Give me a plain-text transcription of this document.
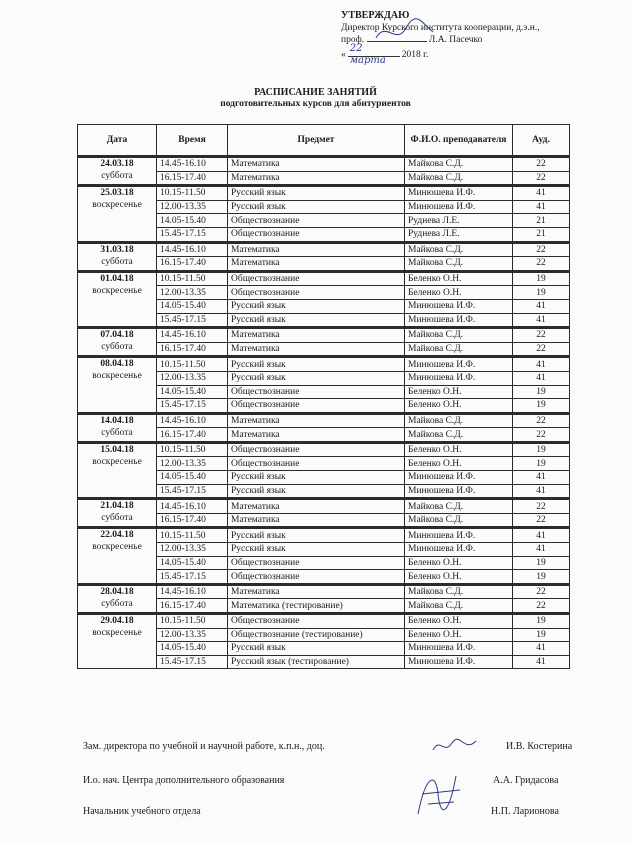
УТВЕРЖДАЮ
Директор Курского института кооперации, д.э.н.,
проф.	Л.А. Пасечко
«
22 марта	2018 г.
РАСПИСАНИЕ ЗАНЯТИЙ
подготовительных курсов для абитуриентов
Дата	Время	Предмет	Ф.И.О. преподавателя	Ауд.

24.03.18
суббота	14.45-16.10	Математика	Майкова С.Д.	22
	16.15-17.40	Математика	Майкова С.Д.	22

25.03.18
воскресенье	10.15-11.50	Русский язык	Минюшева И.Ф.	41
	12.00-13.35	Русский язык	Минюшева И.Ф.	41
	14.05-15.40	Обществознание	Руднева Л.Е.	21
	15.45-17.15	Обществознание	Руднева Л.Е.	21

31.03.18
суббота	14.45-16.10	Математика	Майкова С.Д.	22
	16.15-17.40	Математика	Майкова С.Д.	22

01.04.18
воскресенье	10.15-11.50	Обществознание	Беленко О.Н.	19
	12.00-13.35	Обществознание	Беленко О.Н.	19
	14.05-15.40	Русский язык	Минюшева И.Ф.	41
	15.45-17.15	Русский язык	Минюшева И.Ф.	41

07.04.18
суббота	14.45-16.10	Математика	Майкова С.Д.	22
	16.15-17.40	Математика	Майкова С.Д.	22

08.04.18
воскресенье	10.15-11.50	Русский язык	Минюшева И.Ф.	41
	12.00-13.35	Русский язык	Минюшева И.Ф.	41
	14.05-15.40	Обществознание	Беленко О.Н.	19
	15.45-17.15	Обществознание	Беленко О.Н.	19

14.04.18
суббота	14.45-16.10	Математика	Майкова С.Д.	22
	16.15-17.40	Математика	Майкова С.Д.	22

15.04.18
воскресенье	10.15-11.50	Обществознание	Беленко О.Н.	19
	12.00-13.35	Обществознание	Беленко О.Н.	19
	14.05-15.40	Русский язык	Минюшева И.Ф.	41
	15.45-17.15	Русский язык	Минюшева И.Ф.	41

21.04.18
суббота	14.45-16.10	Математика	Майкова С.Д.	22
	16.15-17.40	Математика	Майкова С.Д.	22

22.04.18
воскресенье	10.15-11.50	Русский язык	Минюшева И.Ф.	41
	12.00-13.35	Русский язык	Минюшева И.Ф.	41
	14.05-15.40	Обществознание	Беленко О.Н.	19
	15.45-17.15	Обществознание	Беленко О.Н.	19

28.04.18
суббота	14.45-16.10	Математика	Майкова С.Д.	22
	16.15-17.40	Математика (тестирование)	Майкова С.Д.	22

29.04.18
воскресенье	10.15-11.50	Обществознание	Беленко О.Н.	19
	12.00-13.35	Обществознание (тестирование)	Беленко О.Н.	19
	14.05-15.40	Русский язык	Минюшева И.Ф.	41
	15.45-17.15	Русский язык (тестирование)	Минюшева И.Ф.	41
Зам. директора по учебной и научной работе, к.п.н., доц.	И.В. Костерина
И.о. нач. Центра дополнительного образования	А.А. Гридасова
Начальник учебного отдела	Н.П. Ларионова
